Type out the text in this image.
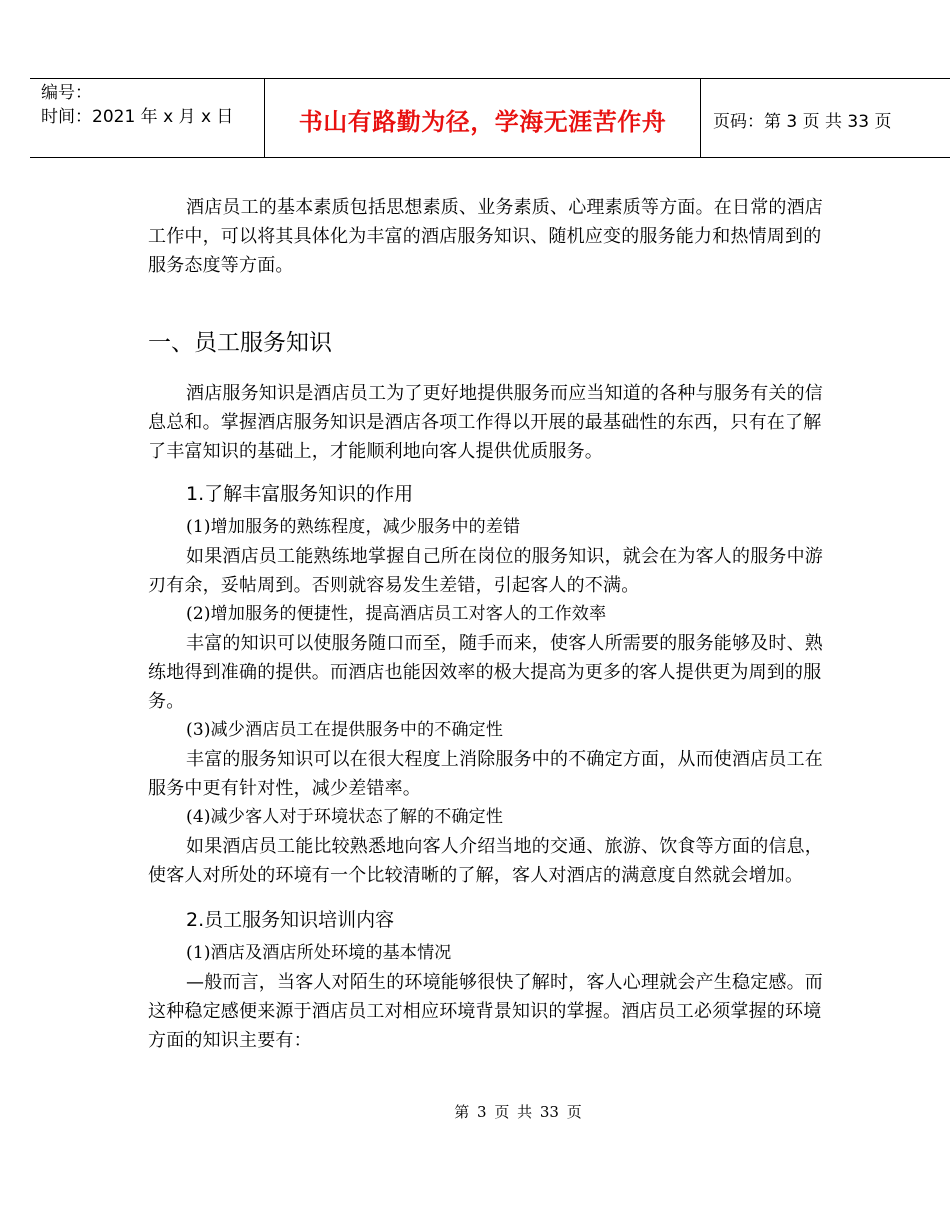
编号：
时间：2021 年 x 月 x 日	书山有路勤为径，学海无涯苦作舟	页码：第 3 页 共 33 页

酒店员工的基本素质包括思想素质、业务素质、心理素质等方面。在日常的酒店工作中，可以将其具体化为丰富的酒店服务知识、随机应变的服务能力和热情周到的服务态度等方面。

一、员工服务知识

酒店服务知识是酒店员工为了更好地提供服务而应当知道的各种与服务有关的信息总和。掌握酒店服务知识是酒店各项工作得以开展的最基础性的东西，只有在了解了丰富知识的基础上，才能顺利地向客人提供优质服务。

1.了解丰富服务知识的作用

(1)增加服务的熟练程度，减少服务中的差错

如果酒店员工能熟练地掌握自己所在岗位的服务知识，就会在为客人的服务中游刃有余，妥帖周到。否则就容易发生差错，引起客人的不满。

(2)增加服务的便捷性，提高酒店员工对客人的工作效率

丰富的知识可以使服务随口而至，随手而来，使客人所需要的服务能够及时、熟练地得到准确的提供。而酒店也能因效率的极大提高为更多的客人提供更为周到的服务。

(3)减少酒店员工在提供服务中的不确定性

丰富的服务知识可以在很大程度上消除服务中的不确定方面，从而使酒店员工在服务中更有针对性，减少差错率。

(4)减少客人对于环境状态了解的不确定性

如果酒店员工能比较熟悉地向客人介绍当地的交通、旅游、饮食等方面的信息，使客人对所处的环境有一个比较清晰的了解，客人对酒店的满意度自然就会增加。

2.员工服务知识培训内容

(1)酒店及酒店所处环境的基本情况

—般而言，当客人对陌生的环境能够很快了解时，客人心理就会产生稳定感。而这种稳定感便来源于酒店员工对相应环境背景知识的掌握。酒店员工必须掌握的环境方面的知识主要有：

第 3 页 共 33 页
